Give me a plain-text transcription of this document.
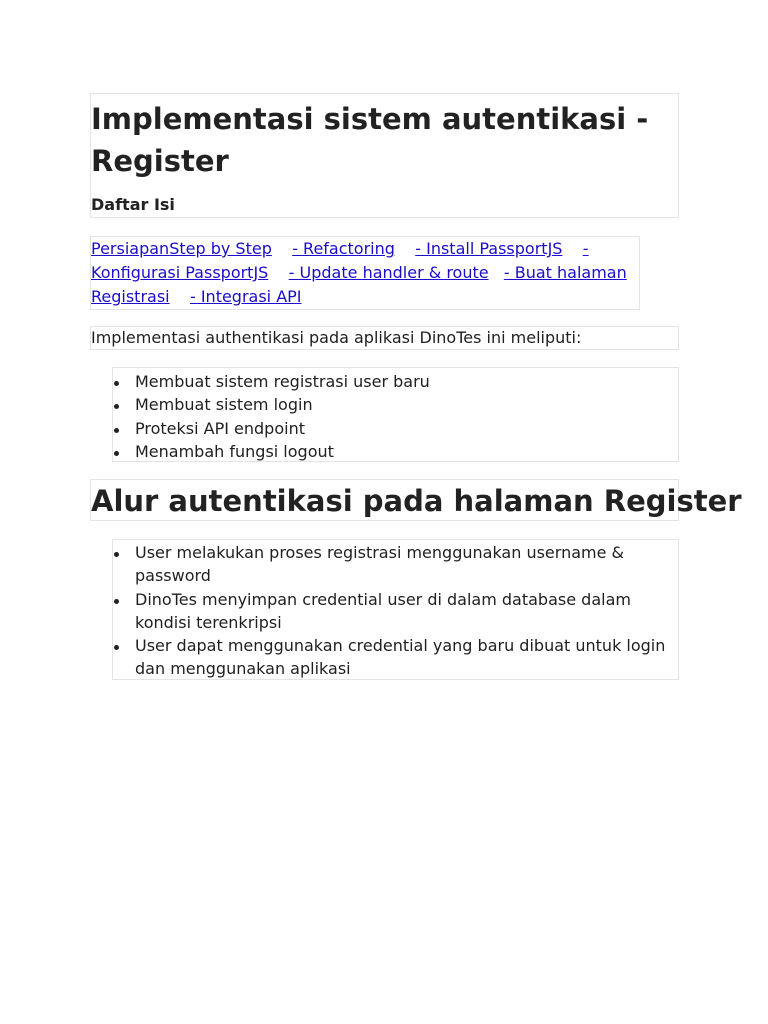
Implementasi sistem autentikasi - Register
Daftar Isi
PersiapanStep by Step - Refactoring - Install PassportJS - Konfigurasi PassportJS - Update handler & route - Buat halaman Registrasi - Integrasi API
Implementasi authentikasi pada aplikasi DinoTes ini meliputi:
Membuat sistem registrasi user baru
Membuat sistem login
Proteksi API endpoint
Menambah fungsi logout
Alur autentikasi pada halaman Register
User melakukan proses registrasi menggunakan username & password
DinoTes menyimpan credential user di dalam database dalam kondisi terenkripsi
User dapat menggunakan credential yang baru dibuat untuk login dan menggunakan aplikasi
